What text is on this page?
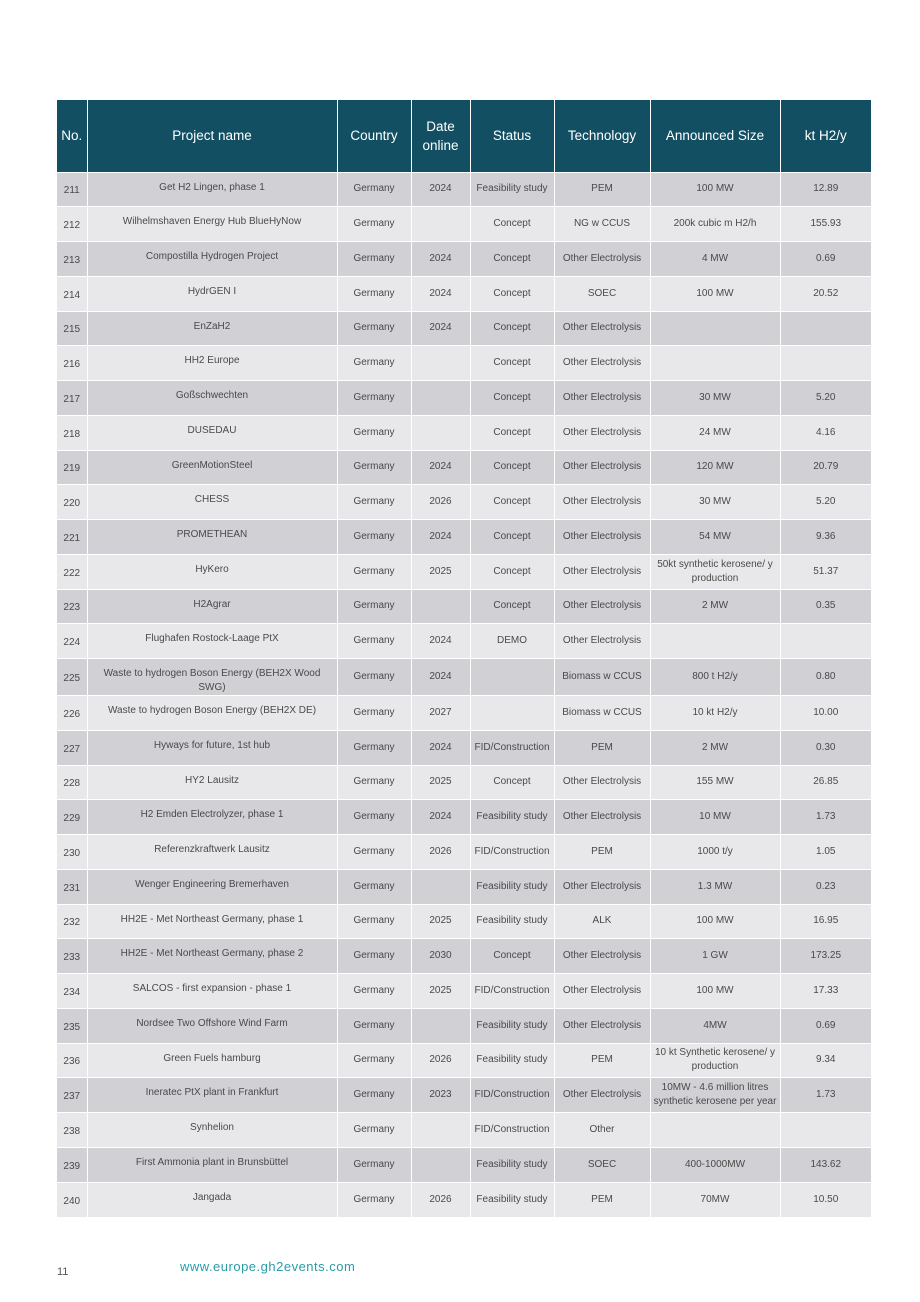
No.	Project name	Country	Date online	Status	Technology	Announced Size	kt H2/y
211	Get H2 Lingen, phase 1	Germany	2024	Feasibility study	PEM	100 MW	12.89
212	Wilhelmshaven Energy Hub BlueHyNow	Germany		Concept	NG w CCUS	200k cubic m H2/h	155.93
213	Compostilla Hydrogen Project	Germany	2024	Concept	Other Electrolysis	4 MW	0.69
214	HydrGEN I	Germany	2024	Concept	SOEC	100 MW	20.52
215	EnZaH2	Germany	2024	Concept	Other Electrolysis		
216	HH2 Europe	Germany		Concept	Other Electrolysis		
217	Goßschwechten	Germany		Concept	Other Electrolysis	30 MW	5.20
218	DUSEDAU	Germany		Concept	Other Electrolysis	24 MW	4.16
219	GreenMotionSteel	Germany	2024	Concept	Other Electrolysis	120 MW	20.79
220	CHESS	Germany	2026	Concept	Other Electrolysis	30 MW	5.20
221	PROMETHEAN	Germany	2024	Concept	Other Electrolysis	54 MW	9.36
222	HyKero	Germany	2025	Concept	Other Electrolysis	50kt synthetic kerosene/ y production	51.37
223	H2Agrar	Germany		Concept	Other Electrolysis	2 MW	0.35
224	Flughafen Rostock-Laage PtX	Germany	2024	DEMO	Other Electrolysis		
225	Waste to hydrogen Boson Energy (BEH2X Wood SWG)	Germany	2024		Biomass w CCUS	800 t H2/y	0.80
226	Waste to hydrogen Boson Energy (BEH2X DE)	Germany	2027		Biomass w CCUS	10 kt H2/y	10.00
227	Hyways for future, 1st hub	Germany	2024	FID/Construction	PEM	2 MW	0.30
228	HY2 Lausitz	Germany	2025	Concept	Other Electrolysis	155 MW	26.85
229	H2 Emden Electrolyzer, phase 1	Germany	2024	Feasibility study	Other Electrolysis	10 MW	1.73
230	Referenzkraftwerk Lausitz	Germany	2026	FID/Construction	PEM	1000 t/y	1.05
231	Wenger Engineering Bremerhaven	Germany		Feasibility study	Other Electrolysis	1.3 MW	0.23
232	HH2E - Met Northeast Germany, phase 1	Germany	2025	Feasibility study	ALK	100 MW	16.95
233	HH2E - Met Northeast Germany, phase 2	Germany	2030	Concept	Other Electrolysis	1 GW	173.25
234	SALCOS - first expansion - phase 1	Germany	2025	FID/Construction	Other Electrolysis	100 MW	17.33
235	Nordsee Two Offshore Wind Farm	Germany		Feasibility study	Other Electrolysis	4MW	0.69
236	Green Fuels hamburg	Germany	2026	Feasibility study	PEM	10 kt Synthetic kerosene/ y production	9.34
237	Ineratec PtX plant in Frankfurt	Germany	2023	FID/Construction	Other Electrolysis	10MW - 4.6 million litres synthetic kerosene per year	1.73
238	Synhelion	Germany		FID/Construction	Other		
239	First Ammonia plant in Brunsbüttel	Germany		Feasibility study	SOEC	400-1000MW	143.62
240	Jangada	Germany	2026	Feasibility study	PEM	70MW	10.50
11	www.europe.gh2events.com
